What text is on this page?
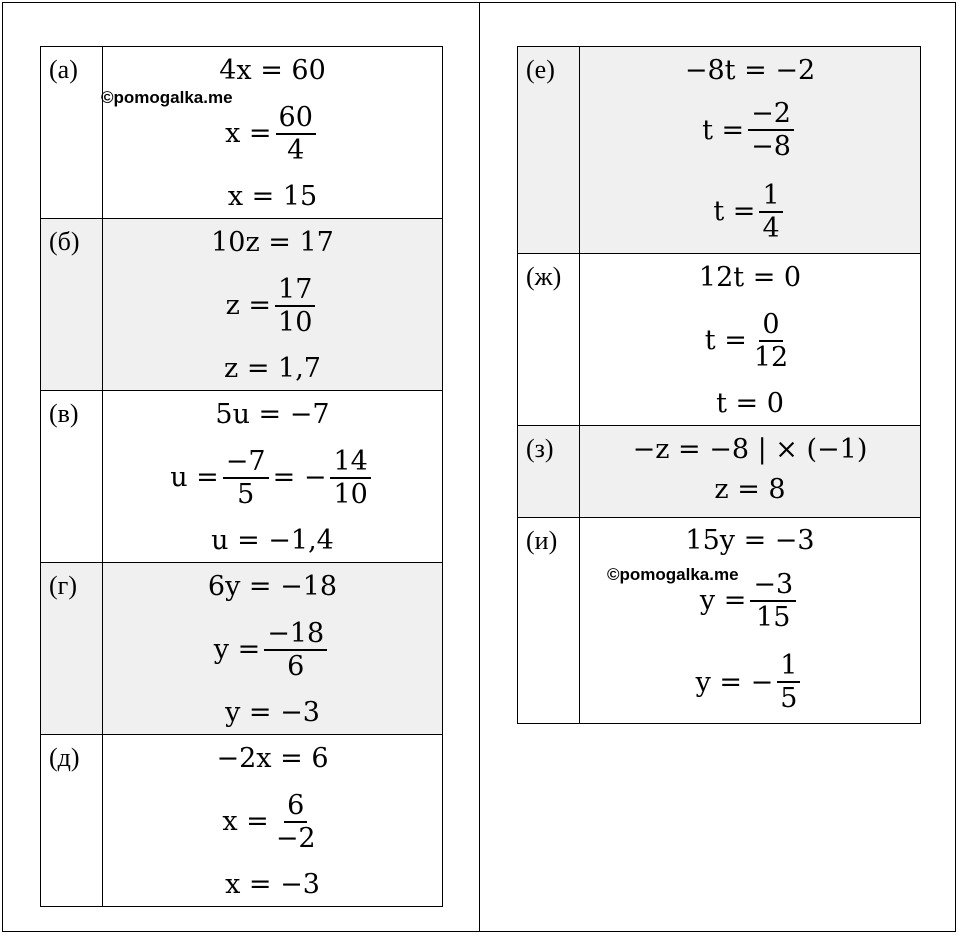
(а)	4x = 60
$x = \frac{60}{4}$
x = 15
(б)	10z = 17
$z = \frac{17}{10}$
z = 1,7
(в)	5u = −7
$u = \frac{-7}{5}$ = − $\frac{14}{10}$
u = −1,4
(г)	6y = −18
$y = \frac{-18}{6}$
y = −3
(д)	−2x = 6
$x = \frac{6}{-2}$
x = −3
(е)	−8t = −2
$t = \frac{-2}{-8}$
$t = \frac{1}{4}$
(ж)	12t = 0
$t = \frac{0}{12}$
t = 0
(з)	−z = −8 | × (−1)
z = 8
(и)	15y = −3
$y = \frac{-3}{15}$
y = − $\frac{1}{5}$
©pomogalka.me
©pomogalka.me
